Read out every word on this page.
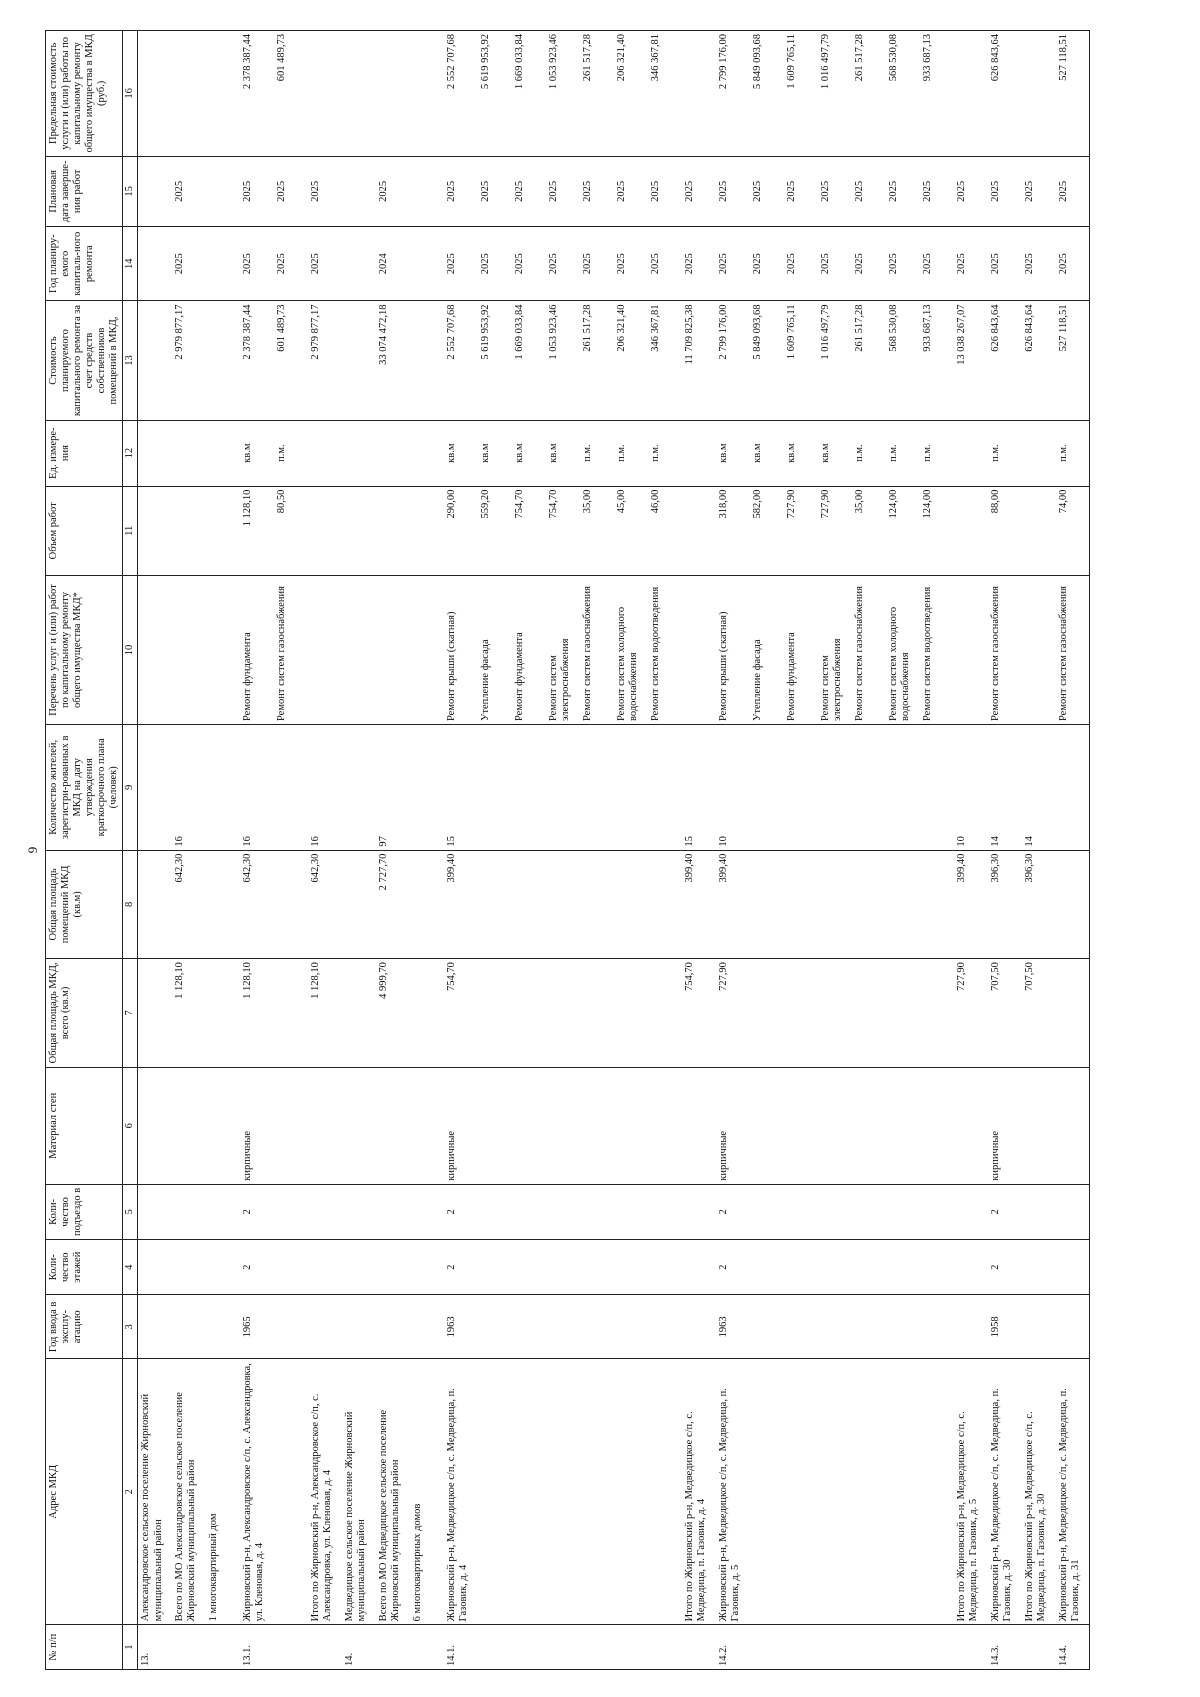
9
№ п/п	Адрес МКД	Год ввода в эксплу-атацию	Коли-чество этажей	Коли-чество подъездо в	Материал стен	Общая площадь МКД, всего (кв.м)	Общая площадь помещений МКД (кв.м)	Количество жителей, зарегистри-рованных в МКД на дату утверждения краткосрочного плана (человек)	Перечень услуг и (или) работ по капитальному ремонту общего имущества МКД*	Объем работ	Ед. измере-ния	Стоимость планируемого капитального ремонта за счет средств собственников помещений в МКД,	Год планиру-емого капиталь-ного ремонта	Плановая дата заверше-ния работ	Предельная стоимость услуги и (или) работы по капитальному ремонту общего имущества в МКД (руб.)
1	2	3	4	5	6	7	8	9	10	11	12	13	14	15	16
13.	Александровское сельское поселение Жирновский муниципальный район														
	Всего по МО Александровское сельское поселение Жирновский муниципальный район					1 128,10	642,30	16				2 979 877,17	2025	2025	
	1 многоквартирный дом														
13.1.	Жирновский р-н, Александровское с/п, с. Александровка, ул. Кленовая, д. 4	1965	2	2	кирпичные	1 128,10	642,30	16	Ремонт фундамента	1 128,10	кв.м	2 378 387,44	2025	2025	2 378 387,44
									Ремонт систем газоснабжения	80,50	п.м.	601 489,73	2025	2025	601 489,73
	Итого по Жирновский р-н, Александровское с/п, с. Александровка, ул. Кленовая, д. 4					1 128,10	642,30	16				2 979 877,17	2025	2025	
14.	Медведицкое сельское поселение Жирновский муниципальный район														
	Всего по МО Медведицкое сельское поселение Жирновский муниципальный район					4 999,70	2 727,70	97				33 074 472,18	2024	2025	
	6 многоквартирных домов														
14.1.	Жирновский р-н, Медведицкое с/п, с. Медведица, п. Газовик, д. 4	1963	2	2	кирпичные	754,70	399,40	15	Ремонт крыши (скатная)	290,00	кв.м	2 552 707,68	2025	2025	2 552 707,68
									Утепление фасада	559,20	кв.м	5 619 953,92	2025	2025	5 619 953,92
									Ремонт фундамента	754,70	кв.м	1 669 033,84	2025	2025	1 669 033,84
									Ремонт систем электроснабжения	754,70	кв.м	1 053 923,46	2025	2025	1 053 923,46
									Ремонт систем газоснабжения	35,00	п.м.	261 517,28	2025	2025	261 517,28
									Ремонт систем холодного водоснабжения	45,00	п.м.	206 321,40	2025	2025	206 321,40
									Ремонт систем водоотведения	46,00	п.м.	346 367,81	2025	2025	346 367,81
	Итого по Жирновский р-н, Медведицкое с/п, с. Медведица, п. Газовик, д. 4					754,70	399,40	15				11 709 825,38	2025	2025	
14.2.	Жирновский р-н, Медведицкое с/п, с. Медведица, п. Газовик, д. 5	1963	2	2	кирпичные	727,90	399,40	10	Ремонт крыши (скатная)	318,00	кв.м	2 799 176,00	2025	2025	2 799 176,00
									Утепление фасада	582,00	кв.м	5 849 093,68	2025	2025	5 849 093,68
									Ремонт фундамента	727,90	кв.м	1 609 765,11	2025	2025	1 609 765,11
									Ремонт систем электроснабжения	727,90	кв.м	1 016 497,79	2025	2025	1 016 497,79
									Ремонт систем газоснабжения	35,00	п.м.	261 517,28	2025	2025	261 517,28
									Ремонт систем холодного водоснабжения	124,00	п.м.	568 530,08	2025	2025	568 530,08
									Ремонт систем водоотведения	124,00	п.м.	933 687,13	2025	2025	933 687,13
	Итого по Жирновский р-н, Медведицкое с/п, с. Медведица, п. Газовик, д. 5					727,90	399,40	10				13 038 267,07	2025	2025	
14.3.	Жирновский р-н, Медведицкое с/п, с. Медведица, п. Газовик, д. 30	1958	2	2	кирпичные	707,50	396,30	14	Ремонт систем газоснабжения	88,00	п.м.	626 843,64	2025	2025	626 843,64
	Итого по Жирновский р-н, Медведицкое с/п, с. Медведица, п. Газовик, д. 30					707,50	396,30	14				626 843,64	2025	2025	
14.4.	Жирновский р-н, Медведицкое с/п, с. Медведица, п. Газовик, д. 31								Ремонт систем газоснабжения	74,00	п.м.	527 118,51	2025	2025	527 118,51
